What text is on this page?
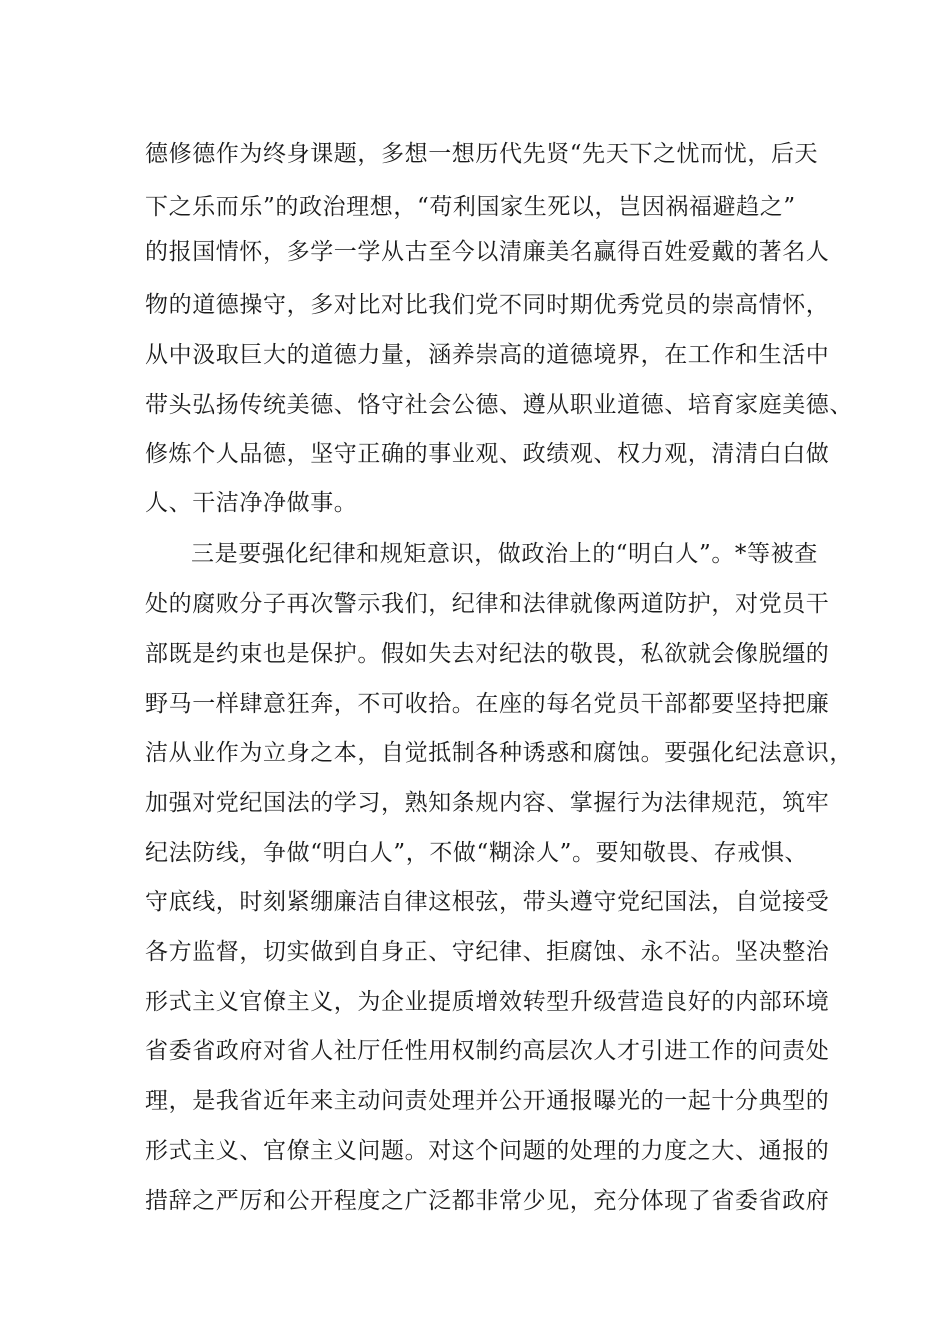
德修德作为终身课题，多想一想历代先贤“先天下之忧而忧，后天
下之乐而乐”的政治理想，“苟利国家生死以，岂因祸福避趋之”
的报国情怀，多学一学从古至今以清廉美名赢得百姓爱戴的著名人
物的道德操守，多对比对比我们党不同时期优秀党员的崇高情怀，
从中汲取巨大的道德力量，涵养崇高的道德境界，在工作和生活中
带头弘扬传统美德、恪守社会公德、遵从职业道德、培育家庭美德、
修炼个人品德，坚守正确的事业观、政绩观、权力观，清清白白做
人、干洁净净做事。
三是要强化纪律和规矩意识，做政治上的“明白人”。*等被查
处的腐败分子再次警示我们，纪律和法律就像两道防护，对党员干
部既是约束也是保护。假如失去对纪法的敬畏，私欲就会像脱缰的
野马一样肆意狂奔，不可收拾。在座的每名党员干部都要坚持把廉
洁从业作为立身之本，自觉抵制各种诱惑和腐蚀。要强化纪法意识，
加强对党纪国法的学习，熟知条规内容、掌握行为法律规范，筑牢
纪法防线，争做“明白人”，不做“糊涂人”。要知敬畏、存戒惧、
守底线，时刻紧绷廉洁自律这根弦，带头遵守党纪国法，自觉接受
各方监督，切实做到自身正、守纪律、拒腐蚀、永不沾。坚决整治
形式主义官僚主义，为企业提质增效转型升级营造良好的内部环境
省委省政府对省人社厅任性用权制约高层次人才引进工作的问责处
理，是我省近年来主动问责处理并公开通报曝光的一起十分典型的
形式主义、官僚主义问题。对这个问题的处理的力度之大、通报的
措辞之严厉和公开程度之广泛都非常少见，充分体现了省委省政府
